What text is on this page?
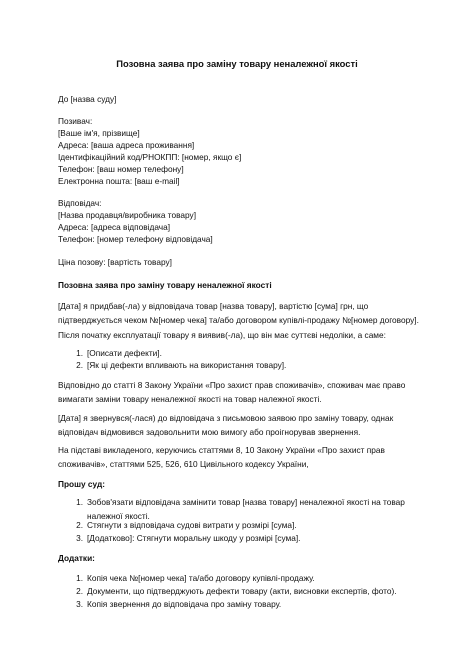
Позовна заява про заміну товару неналежної якості
До [назва суду]
Позивач:
[Ваше ім'я, прізвище]
Адреса: [ваша адреса проживання]
Ідентифікаційний код/РНОКПП: [номер, якщо є]
Телефон: [ваш номер телефону]
Електронна пошта: [ваш e-mail]
Відповідач:
[Назва продавця/виробника товару]
Адреса: [адреса відповідача]
Телефон: [номер телефону відповідача]
Ціна позову: [вартість товару]
Позовна заява про заміну товару неналежної якості
[Дата] я придбав(-ла) у відповідача товар [назва товару], вартістю [сума] грн, що підтверджується чеком №[номер чека] та/або договором купівлі-продажу №[номер договору]. Після початку експлуатації товару я виявив(-ла), що він має суттєві недоліки, а саме:
1. [Описати дефекти].
2. [Як ці дефекти впливають на використання товару].
Відповідно до статті 8 Закону України «Про захист прав споживачів», споживач має право вимагати заміни товару неналежної якості на товар належної якості.
[Дата] я звернувся(-лася) до відповідача з письмовою заявою про заміну товару, однак відповідач відмовився задовольнити мою вимогу або проігнорував звернення.
На підставі викладеного, керуючись статтями 8, 10 Закону України «Про захист прав споживачів», статтями 525, 526, 610 Цивільного кодексу України,
Прошу суд:
1. Зобов'язати відповідача замінити товар [назва товару] неналежної якості на товар належної якості.
2. Стягнути з відповідача судові витрати у розмірі [сума].
3. [Додатково]: Стягнути моральну шкоду у розмірі [сума].
Додатки:
1. Копія чека №[номер чека] та/або договору купівлі-продажу.
2. Документи, що підтверджують дефекти товару (акти, висновки експертів, фото).
3. Копія звернення до відповідача про заміну товару.
